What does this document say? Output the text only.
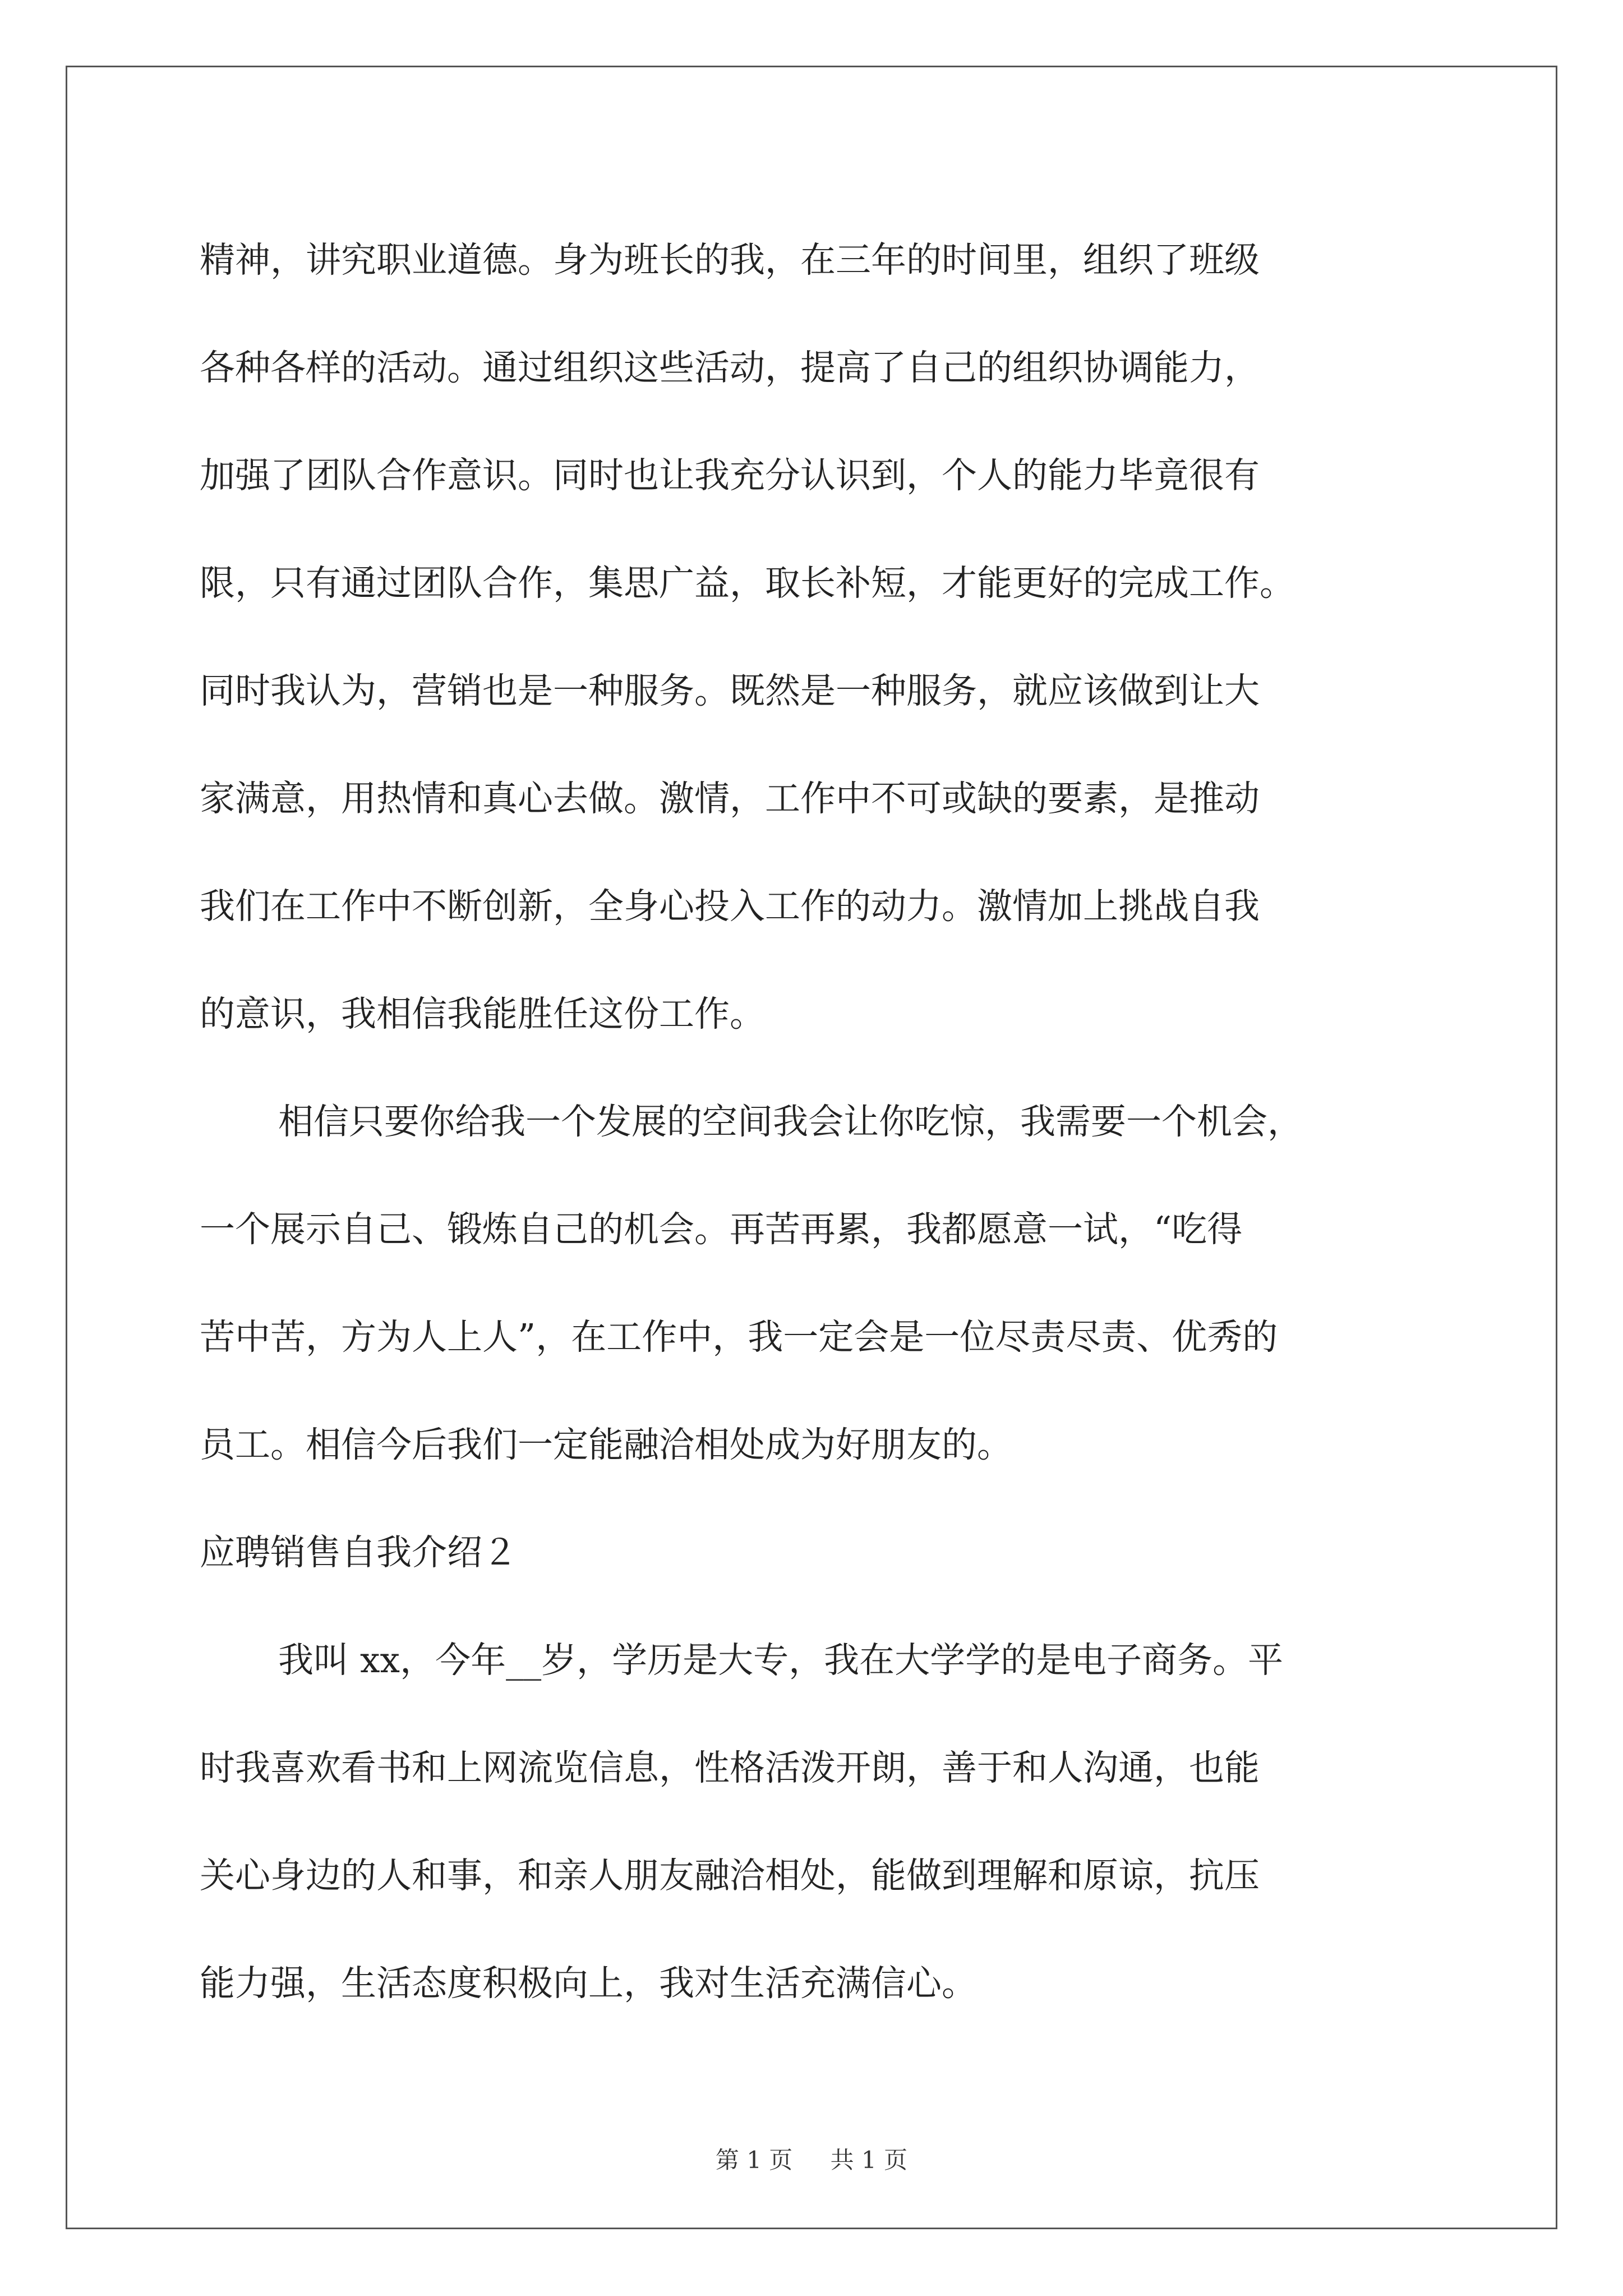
精神，讲究职业道德。身为班长的我，在三年的时间里，组织了班级
各种各样的活动。通过组织这些活动，提高了自己的组织协调能力，
加强了团队合作意识。同时也让我充分认识到，个人的能力毕竟很有
限，只有通过团队合作，集思广益，取长补短，才能更好的完成工作。
同时我认为，营销也是一种服务。既然是一种服务，就应该做到让大
家满意，用热情和真心去做。激情，工作中不可或缺的要素，是推动
我们在工作中不断创新，全身心投入工作的动力。激情加上挑战自我
的意识，我相信我能胜任这份工作。
相信只要你给我一个发展的空间我会让你吃惊，我需要一个机会，
一个展示自己、锻炼自己的机会。再苦再累，我都愿意一试，“吃得
苦中苦，方为人上人”，在工作中，我一定会是一位尽责尽责、优秀的
员工。相信今后我们一定能融洽相处成为好朋友的。
应聘销售自我介绍２
我叫 xx，今年__岁，学历是大专，我在大学学的是电子商务。平
时我喜欢看书和上网流览信息，性格活泼开朗，善于和人沟通，也能
关心身边的人和事，和亲人朋友融洽相处，能做到理解和原谅，抗压
能力强，生活态度积极向上，我对生活充满信心。
第 1 页 共 1 页
